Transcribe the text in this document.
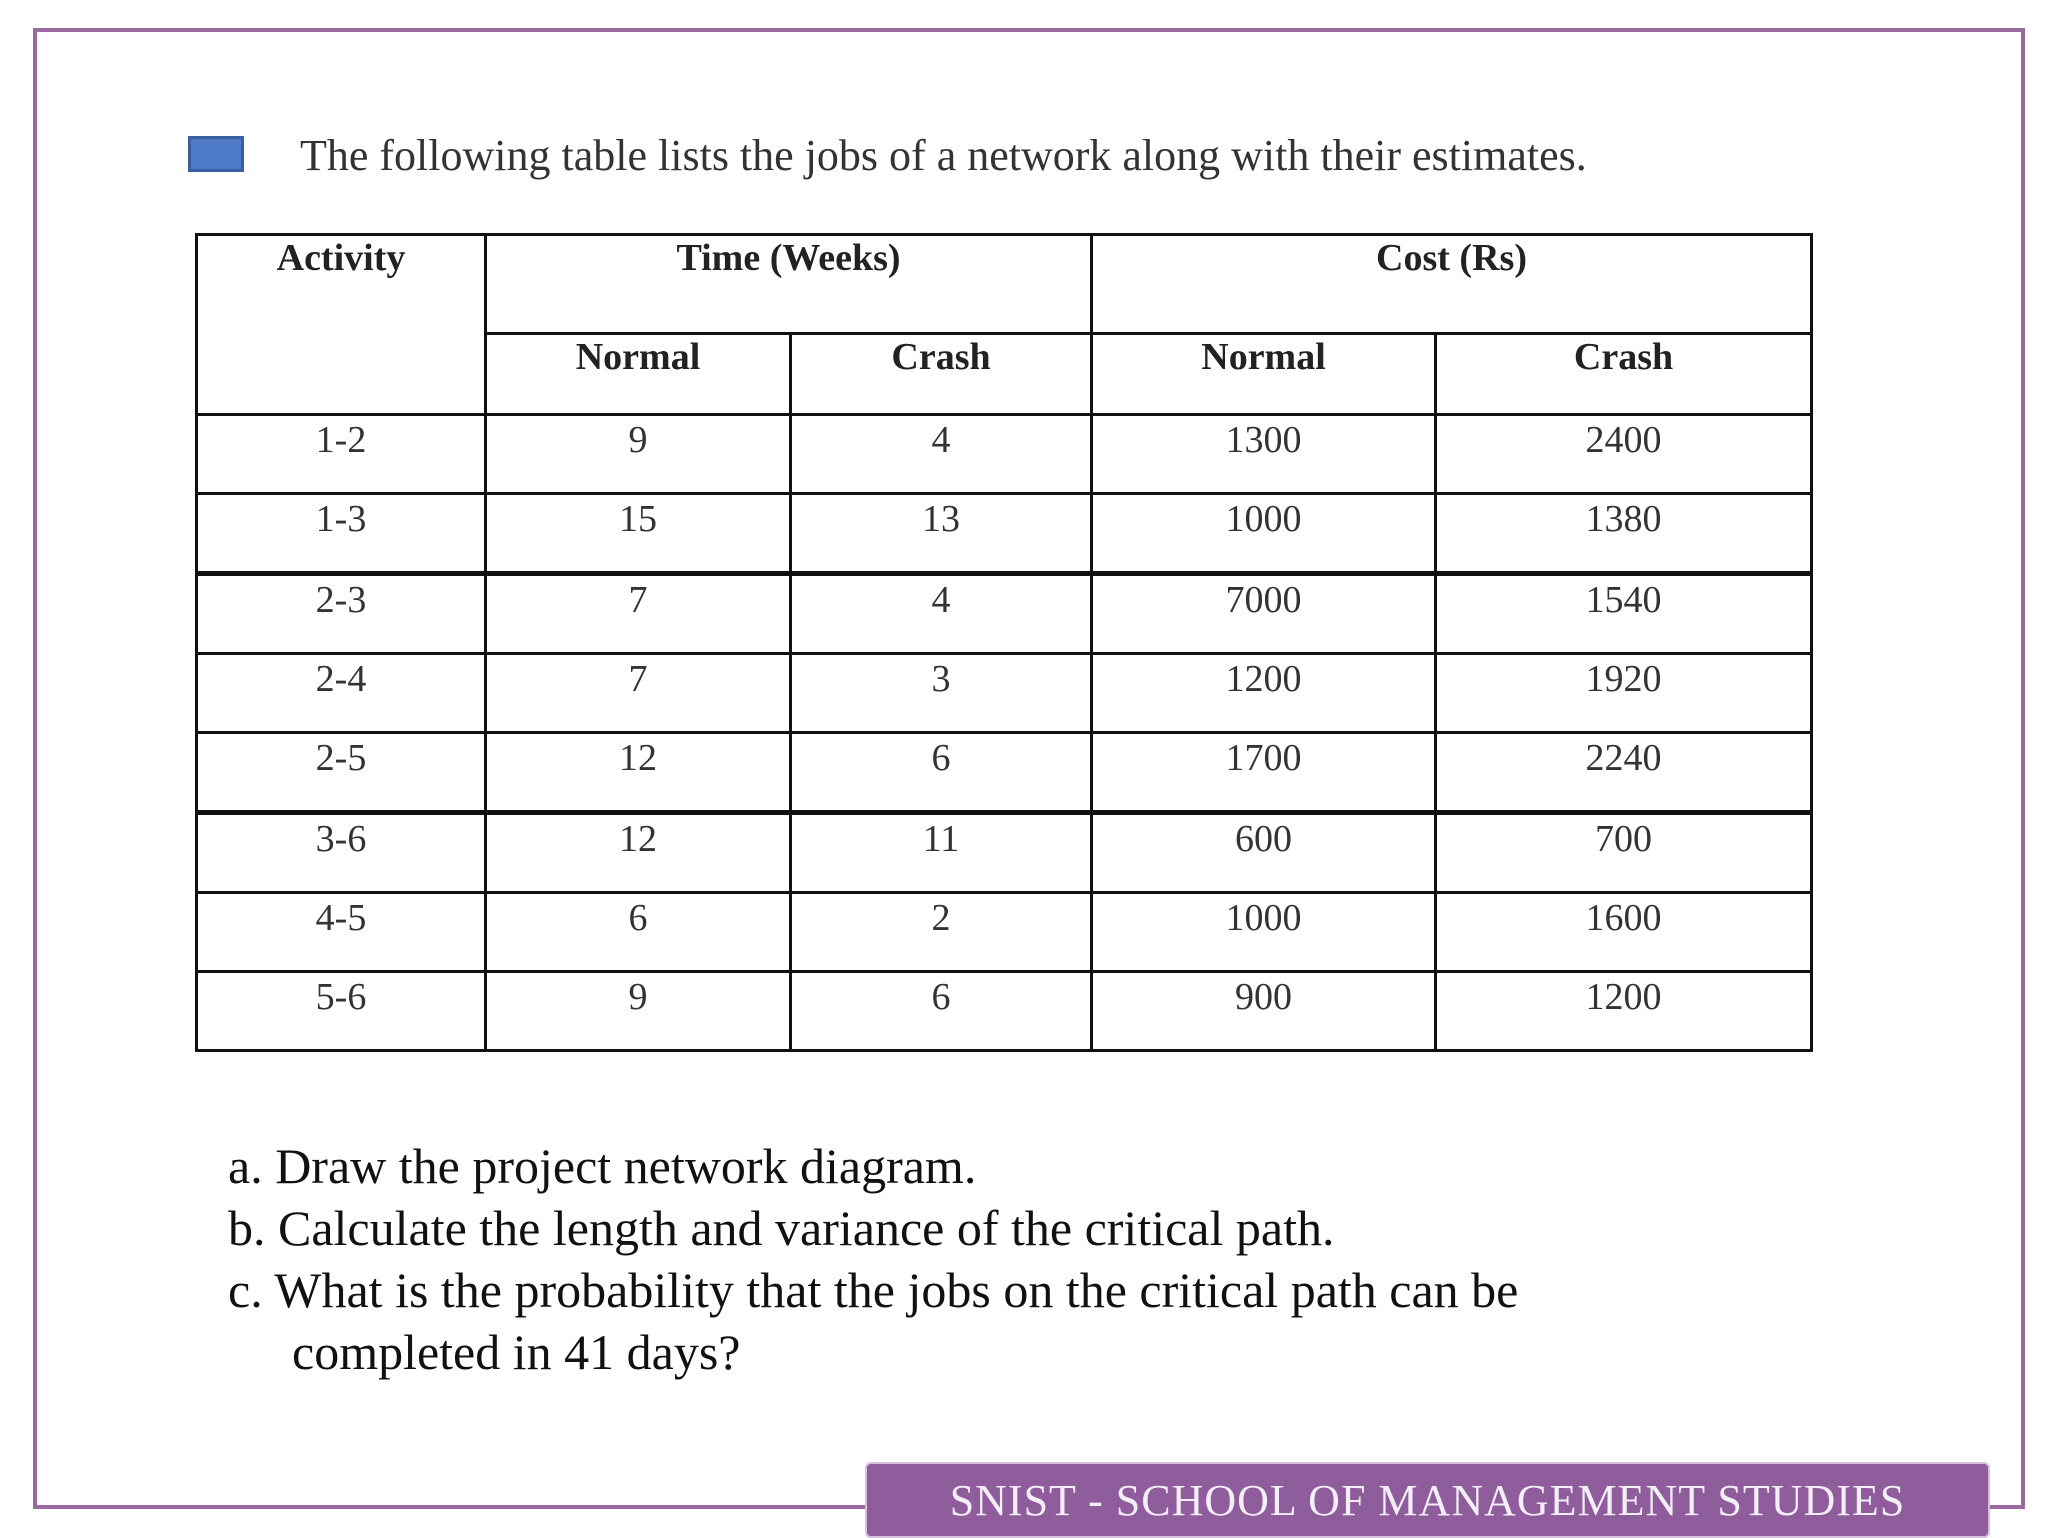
The following table lists the jobs of a network along with their estimates.
Activity	Time (Weeks)		Cost (Rs)	
	Normal	Crash	Normal	Crash
1-2	9	4	1300	2400
1-3	15	13	1000	1380
2-3	7	4	7000	1540
2-4	7	3	1200	1920
2-5	12	6	1700	2240
3-6	12	11	600	700
4-5	6	2	1000	1600
5-6	9	6	900	1200
a. Draw the project network diagram.
b. Calculate the length and variance of the critical path.
c. What is the probability that the jobs on the critical path can be
completed in 41 days?
SNIST - SCHOOL OF MANAGEMENT STUDIES
